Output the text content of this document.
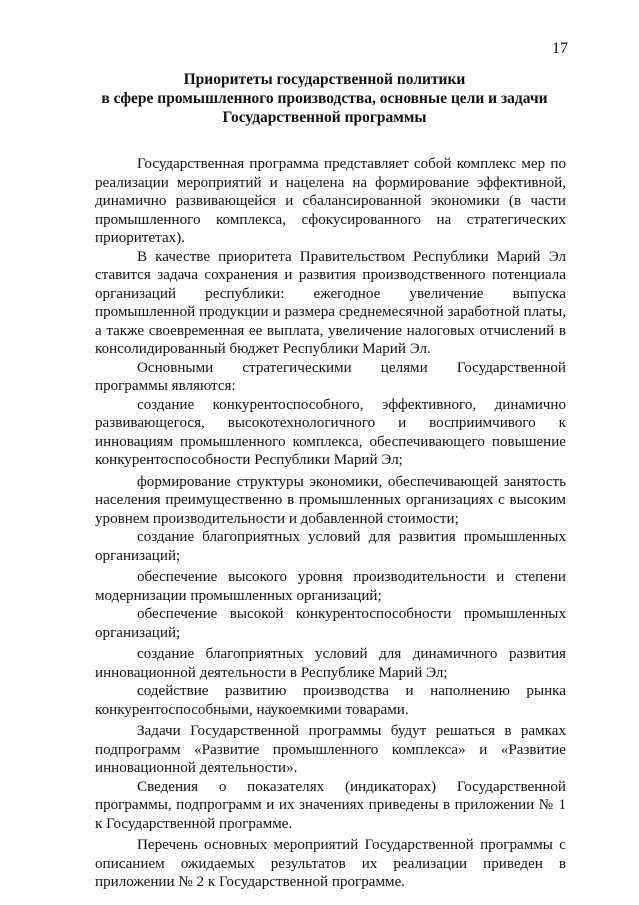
17
Приоритеты государственной политики
в сфере промышленного производства, основные цели и задачи
Государственной программы

Государственная программа представляет собой комплекс мер по реализации мероприятий и нацелена на формирование эффективной, динамично развивающейся и сбалансированной экономики (в части промышленного комплекса, сфокусированного на стратегических приоритетах).

В качестве приоритета Правительством Республики Марий Эл ставится задача сохранения и развития производственного потенциала организаций республики: ежегодное увеличение выпуска промышленной продукции и размера среднемесячной заработной платы, а также своевременная ее выплата, увеличение налоговых отчислений в консолидированный бюджет Республики Марий Эл.

Основными стратегическими целями Государственной программы являются:

создание конкурентоспособного, эффективного, динамично развивающегося, высокотехнологичного и восприимчивого к инновациям промышленного комплекса, обеспечивающего повышение конкурентоспособности Республики Марий Эл;

формирование структуры экономики, обеспечивающей занятость населения преимущественно в промышленных организациях с высоким уровнем производительности и добавленной стоимости;

создание благоприятных условий для развития промышленных организаций;

обеспечение высокого уровня производительности и степени модернизации промышленных организаций;

обеспечение высокой конкурентоспособности промышленных организаций;

создание благоприятных условий для динамичного развития инновационной деятельности в Республике Марий Эл;

содействие развитию производства и наполнению рынка конкурентоспособными, наукоемкими товарами.

Задачи Государственной программы будут решаться в рамках подпрограмм «Развитие промышленного комплекса» и «Развитие инновационной деятельности».

Сведения о показателях (индикаторах) Государственной программы, подпрограмм и их значениях приведены в приложении № 1 к Государственной программе.

Перечень основных мероприятий Государственной программы с описанием ожидаемых результатов их реализации приведен в приложении № 2 к Государственной программе.
